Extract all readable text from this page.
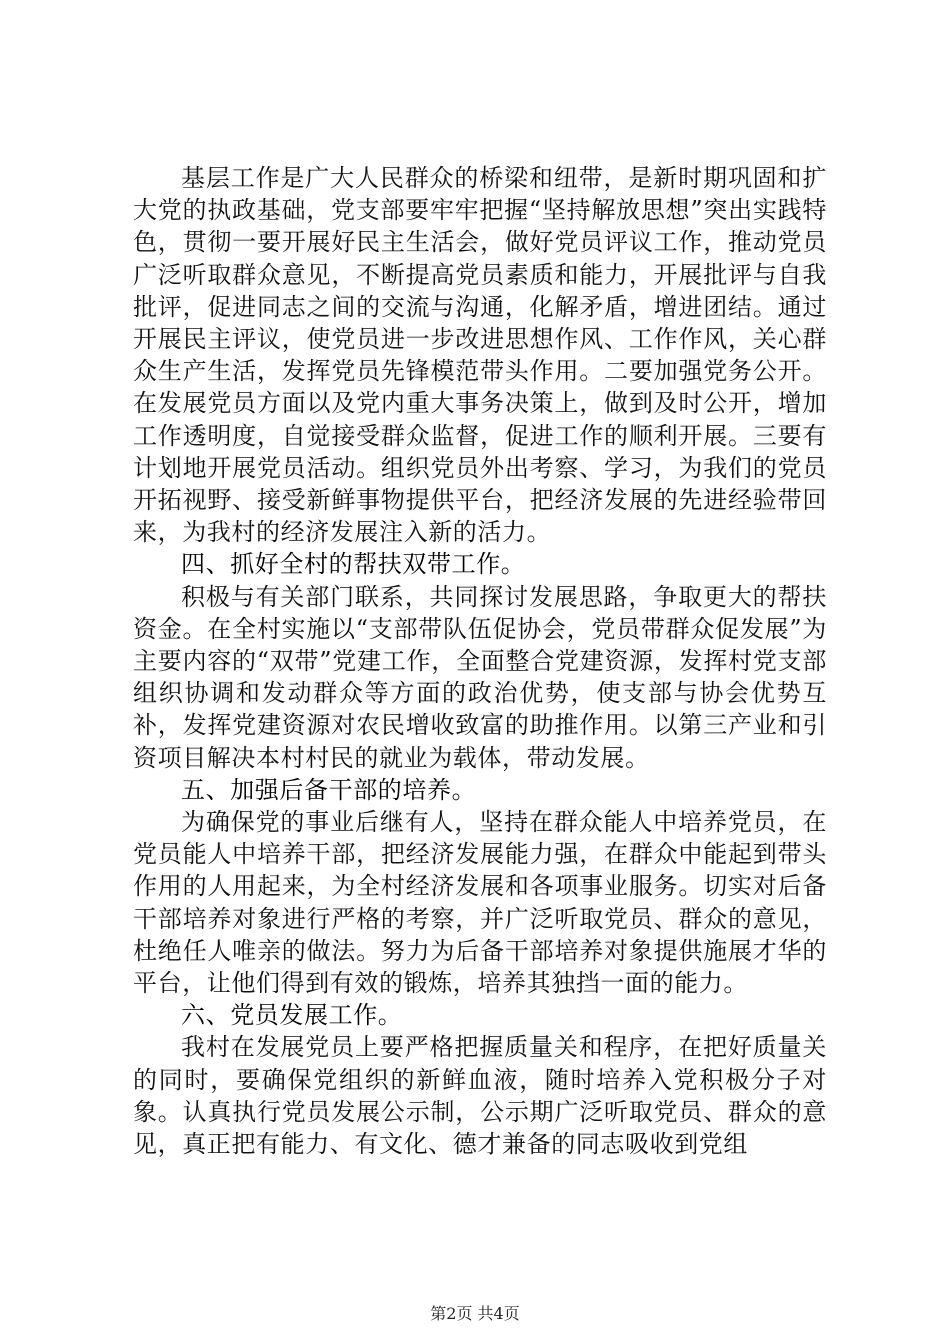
基层工作是广大人民群众的桥梁和纽带，是新时期巩固和扩大党的执政基础，党支部要牢牢把握“坚持解放思想”突出实践特色，贯彻一要开展好民主生活会，做好党员评议工作，推动党员广泛听取群众意见，不断提高党员素质和能力，开展批评与自我批评，促进同志之间的交流与沟通，化解矛盾，增进团结。通过开展民主评议，使党员进一步改进思想作风、工作作风，关心群众生产生活，发挥党员先锋模范带头作用。二要加强党务公开。在发展党员方面以及党内重大事务决策上，做到及时公开，增加工作透明度，自觉接受群众监督，促进工作的顺利开展。三要有计划地开展党员活动。组织党员外出考察、学习，为我们的党员开拓视野、接受新鲜事物提供平台，把经济发展的先进经验带回来，为我村的经济发展注入新的活力。

四、抓好全村的帮扶双带工作。

积极与有关部门联系，共同探讨发展思路，争取更大的帮扶资金。在全村实施以“支部带队伍促协会，党员带群众促发展”为主要内容的“双带”党建工作，全面整合党建资源，发挥村党支部组织协调和发动群众等方面的政治优势，使支部与协会优势互补，发挥党建资源对农民增收致富的助推作用。以第三产业和引资项目解决本村村民的就业为载体，带动发展。

五、加强后备干部的培养。

为确保党的事业后继有人，坚持在群众能人中培养党员，在党员能人中培养干部，把经济发展能力强，在群众中能起到带头作用的人用起来，为全村经济发展和各项事业服务。切实对后备干部培养对象进行严格的考察，并广泛听取党员、群众的意见，杜绝任人唯亲的做法。努力为后备干部培养对象提供施展才华的平台，让他们得到有效的锻炼，培养其独挡一面的能力。

六、党员发展工作。

我村在发展党员上要严格把握质量关和程序，在把好质量关的同时，要确保党组织的新鲜血液，随时培养入党积极分子对象。认真执行党员发展公示制，公示期广泛听取党员、群众的意见，真正把有能力、有文化、德才兼备的同志吸收到党组

第2页 共4页
